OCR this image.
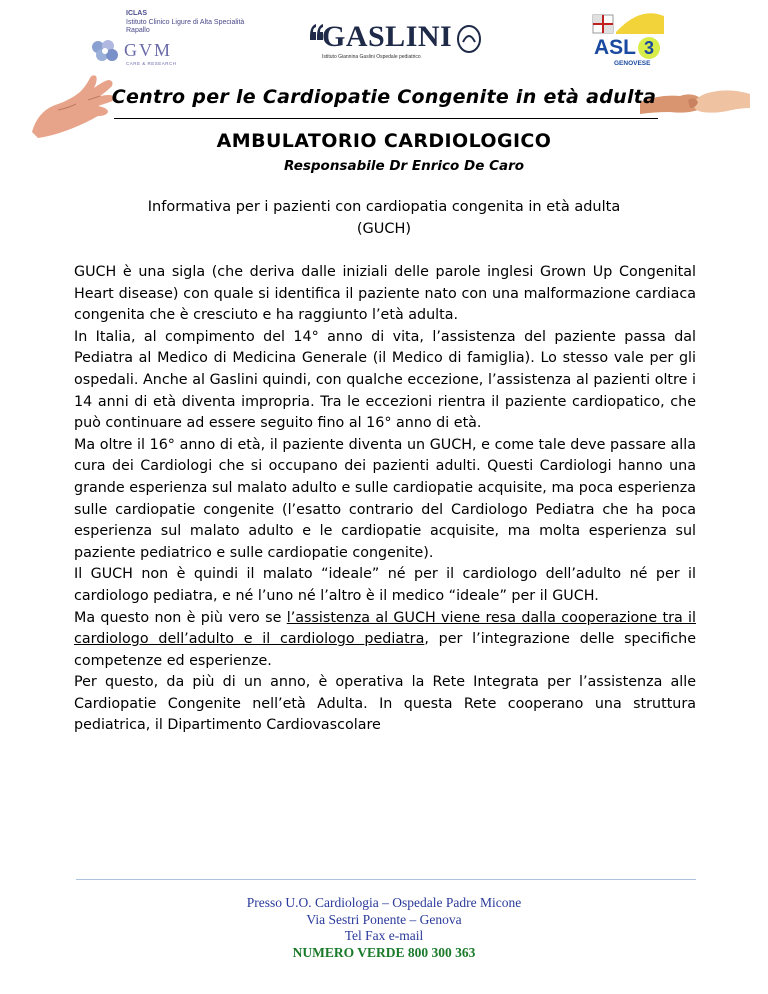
ICLAS
Istituto Clinico Ligure di Alta Specialità
Rapallo
GVM
CARE & RESEARCH
GASLINI
Istituto Giannina Gaslini Ospedale pediatrico	ASL 3
GENOVESE
Centro per le Cardiopatie Congenite in età adulta
AMBULATORIO CARDIOLOGICO
Responsabile Dr Enrico De Caro
Informativa per i pazienti con cardiopatia congenita in età adulta
(GUCH)

GUCH è una sigla (che deriva dalle iniziali delle parole inglesi Grown Up Congenital Heart disease) con quale si identifica il paziente nato con una malformazione cardiaca congenita che è cresciuto e ha raggiunto l’età adulta.

In Italia, al compimento del 14° anno di vita, l’assistenza del paziente passa dal Pediatra al Medico di Medicina Generale (il Medico di famiglia). Lo stesso vale per gli ospedali. Anche al Gaslini quindi, con qualche eccezione, l’assistenza al pazienti oltre i 14 anni di età diventa impropria. Tra le eccezioni rientra il paziente cardiopatico, che può continuare ad essere seguito fino al 16° anno di età.

Ma oltre il 16° anno di età, il paziente diventa un GUCH, e come tale deve passare alla cura dei Cardiologi che si occupano dei pazienti adulti. Questi Cardiologi hanno una grande esperienza sul malato adulto e sulle cardiopatie acquisite, ma poca esperienza sulle cardiopatie congenite (l’esatto contrario del Cardiologo Pediatra che ha poca esperienza sul malato adulto e le cardiopatie acquisite, ma molta esperienza sul paziente pediatrico e sulle cardiopatie congenite).

Il GUCH non è quindi il malato “ideale” né per il cardiologo dell’adulto né per il cardiologo pediatra, e né l’uno né l’altro è il medico “ideale” per il GUCH.

Ma questo non è più vero se l’assistenza al GUCH viene resa dalla cooperazione tra il cardiologo dell’adulto e il cardiologo pediatra, per l’integrazione delle specifiche competenze ed esperienze.

Per questo, da più di un anno, è operativa la Rete Integrata per l’assistenza alle Cardiopatie Congenite nell’età Adulta. In questa Rete cooperano una struttura pediatrica, il Dipartimento Cardiovascolare

Presso U.O. Cardiologia – Ospedale Padre Micone
Via Sestri Ponente – Genova
Tel Fax e-mail
NUMERO VERDE 800 300 363
